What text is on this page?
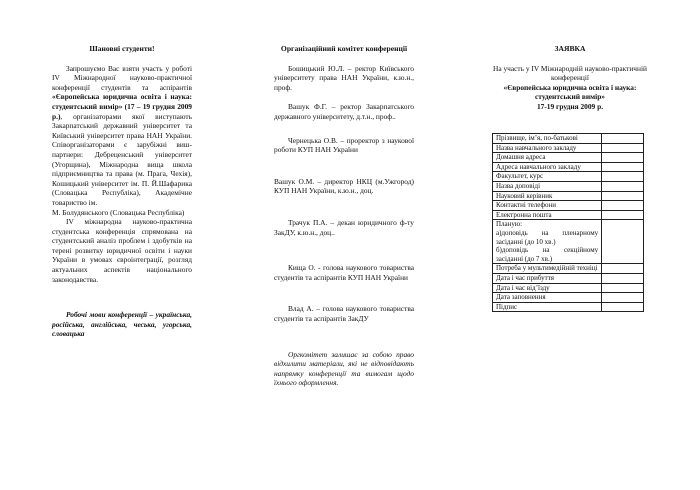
Шановні студенти!

Запрошуємо Вас взяти участь у роботі IV Міжнародної науково-практичної конференції студентів та аспірантів «Європейська юридична освіта і наука: студентський вимір» (17 – 19 грудня 2009 р.), організаторами якої виступають Закарпатський державний університет та Київський університет права НАН України. Співорганізаторами є зарубіжні виш-партнери: Дебреценський університет (Угорщина), Міжнародна вища школа підприємництва та права (м. Прага, Чехія), Кошицький університет ім. П. Й.Шафарика (Словацька Республіка), Академічне товариство ім.

М. Болудянського (Словацька Республіка)

IV міжнародна науково-практична студентська конференція спрямована на студентський аналіз проблем і здобутків на терені розвитку юридичної освіти і науки України в умовах євроінтеграції, розгляд актуальних аспектів національного законодавства.

Робочі мови конференції – українська, російська, англійська, чеська, угорська, словацька

Організаційний комітет конференції

Бошицький Ю.Л. – ректор Київського університету права НАН України, к.ю.н., проф.

Вашук Ф.Г. – ректор Закарпатського державного університету, д.т.н., проф..

Чернецька О.В. – проректор з наукової роботи КУП НАН України

Вашук О.М. – директор НКЦ (м.Ужгород) КУП НАН України, к.ю.н., доц.

Трачук П.А. – декан юридичного ф-ту ЗакДУ, к.ю.н., доц..

Кища О. - голова наукового товариства студентів та аспірантів КУП НАН України

Влад А. – голова наукового товариства студентів та аспірантів ЗакДУ

Оргкомітет залишає за собою право відхилити матеріали, які не відповідають напрямку конференції та вимогам щодо їхнього оформлення.

ЗАЯВКА

На участь у IV Міжнародній науково-практичній конференції

«Європейська юридична освіта і наука: студентський вимір»

17-19 грудня 2009 р.

Прізвище, ім’я, по-батькові	
Назва навчального закладу	
Домашня адреса	
Адреса навчального закладу	
Факультет, курс	
Назва доповіді	
Науковий керівник	
Контактні телефони	
Електронна пошта	

Планую:
а)доповідь на пленарному засіданні (до 10 хв.)
б)доповідь на секційному засіданні (до 7 хв.)	

Потреба у мультимедійній техніці	
Дата і час прибуття	
Дата і час від’їзду	
Дата заповнення	
Підпис	
